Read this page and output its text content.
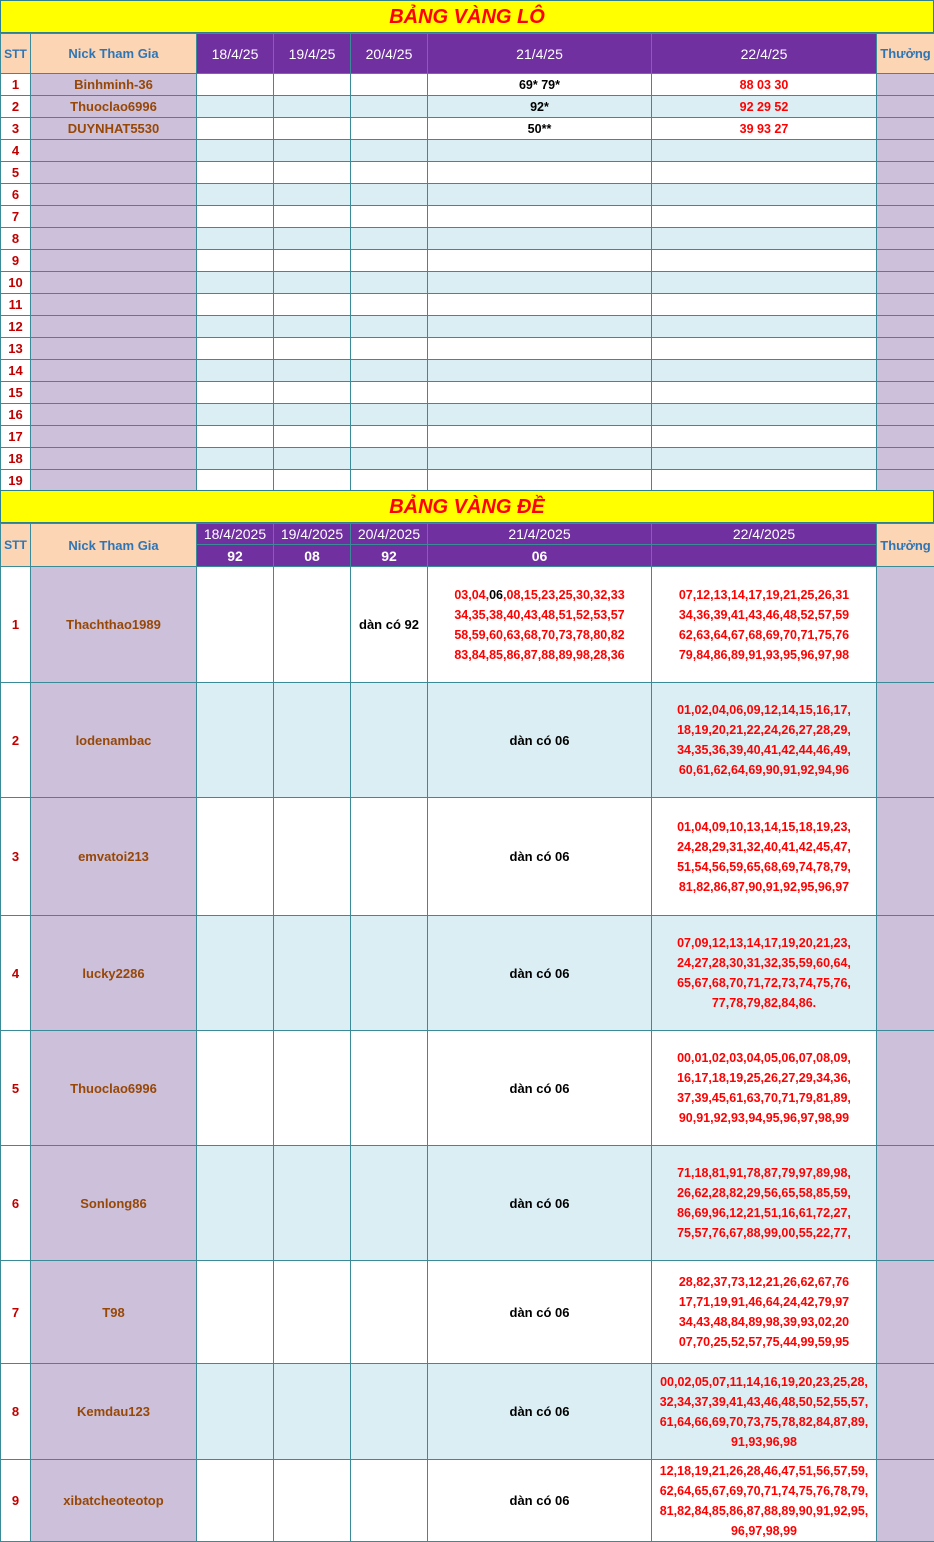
BẢNG VÀNG LÔ
STT	Nick Tham Gia	18/4/25	19/4/25	20/4/25	21/4/25	22/4/25	Thưởng
1	Binhminh-36				69* 79*	88 03 30	
2	Thuoclao6996				92*	92 29 52	
3	DUYNHAT5530				50**	39 93 27	
4							
5							
6							
7							
8							
9							
10							
11							
12							
13							
14							
15							
16							
17							
18							
19							
BẢNG VÀNG ĐỀ
STT	Nick Tham Gia	18/4/2025	19/4/2025	20/4/2025	21/4/2025	22/4/2025	Thưởng
		92	08	92	06		
1	Thachthao1989			dàn có 92	03,04,06,08,15,23,25,30,32,33
34,35,38,40,43,48,51,52,53,57
58,59,60,63,68,70,73,78,80,82
83,84,85,86,87,88,89,98,28,36	07,12,13,14,17,19,21,25,26,31
34,36,39,41,43,46,48,52,57,59
62,63,64,67,68,69,70,71,75,76
79,84,86,89,91,93,95,96,97,98	
2	lodenambac				dàn có 06	01,02,04,06,09,12,14,15,16,17,
18,19,20,21,22,24,26,27,28,29,
34,35,36,39,40,41,42,44,46,49,
60,61,62,64,69,90,91,92,94,96	
3	emvatoi213				dàn có 06	01,04,09,10,13,14,15,18,19,23,
24,28,29,31,32,40,41,42,45,47,
51,54,56,59,65,68,69,74,78,79,
81,82,86,87,90,91,92,95,96,97	
4	lucky2286				dàn có 06	07,09,12,13,14,17,19,20,21,23,
24,27,28,30,31,32,35,59,60,64,
65,67,68,70,71,72,73,74,75,76,
77,78,79,82,84,86.	
5	Thuoclao6996				dàn có 06	00,01,02,03,04,05,06,07,08,09,
16,17,18,19,25,26,27,29,34,36,
37,39,45,61,63,70,71,79,81,89,
90,91,92,93,94,95,96,97,98,99	
6	Sonlong86				dàn có 06	71,18,81,91,78,87,79,97,89,98,
26,62,28,82,29,56,65,58,85,59,
86,69,96,12,21,51,16,61,72,27,
75,57,76,67,88,99,00,55,22,77,	
7	T98				dàn có 06	28,82,37,73,12,21,26,62,67,76
17,71,19,91,46,64,24,42,79,97
34,43,48,84,89,98,39,93,02,20
07,70,25,52,57,75,44,99,59,95	
8	Kemdau123				dàn có 06	00,02,05,07,11,14,16,19,20,23,25,28,
32,34,37,39,41,43,46,48,50,52,55,57,
61,64,66,69,70,73,75,78,82,84,87,89,
91,93,96,98	
9	xibatcheoteotop				dàn có 06	12,18,19,21,26,28,46,47,51,56,57,59,
62,64,65,67,69,70,71,74,75,76,78,79,
81,82,84,85,86,87,88,89,90,91,92,95,
96,97,98,99	
